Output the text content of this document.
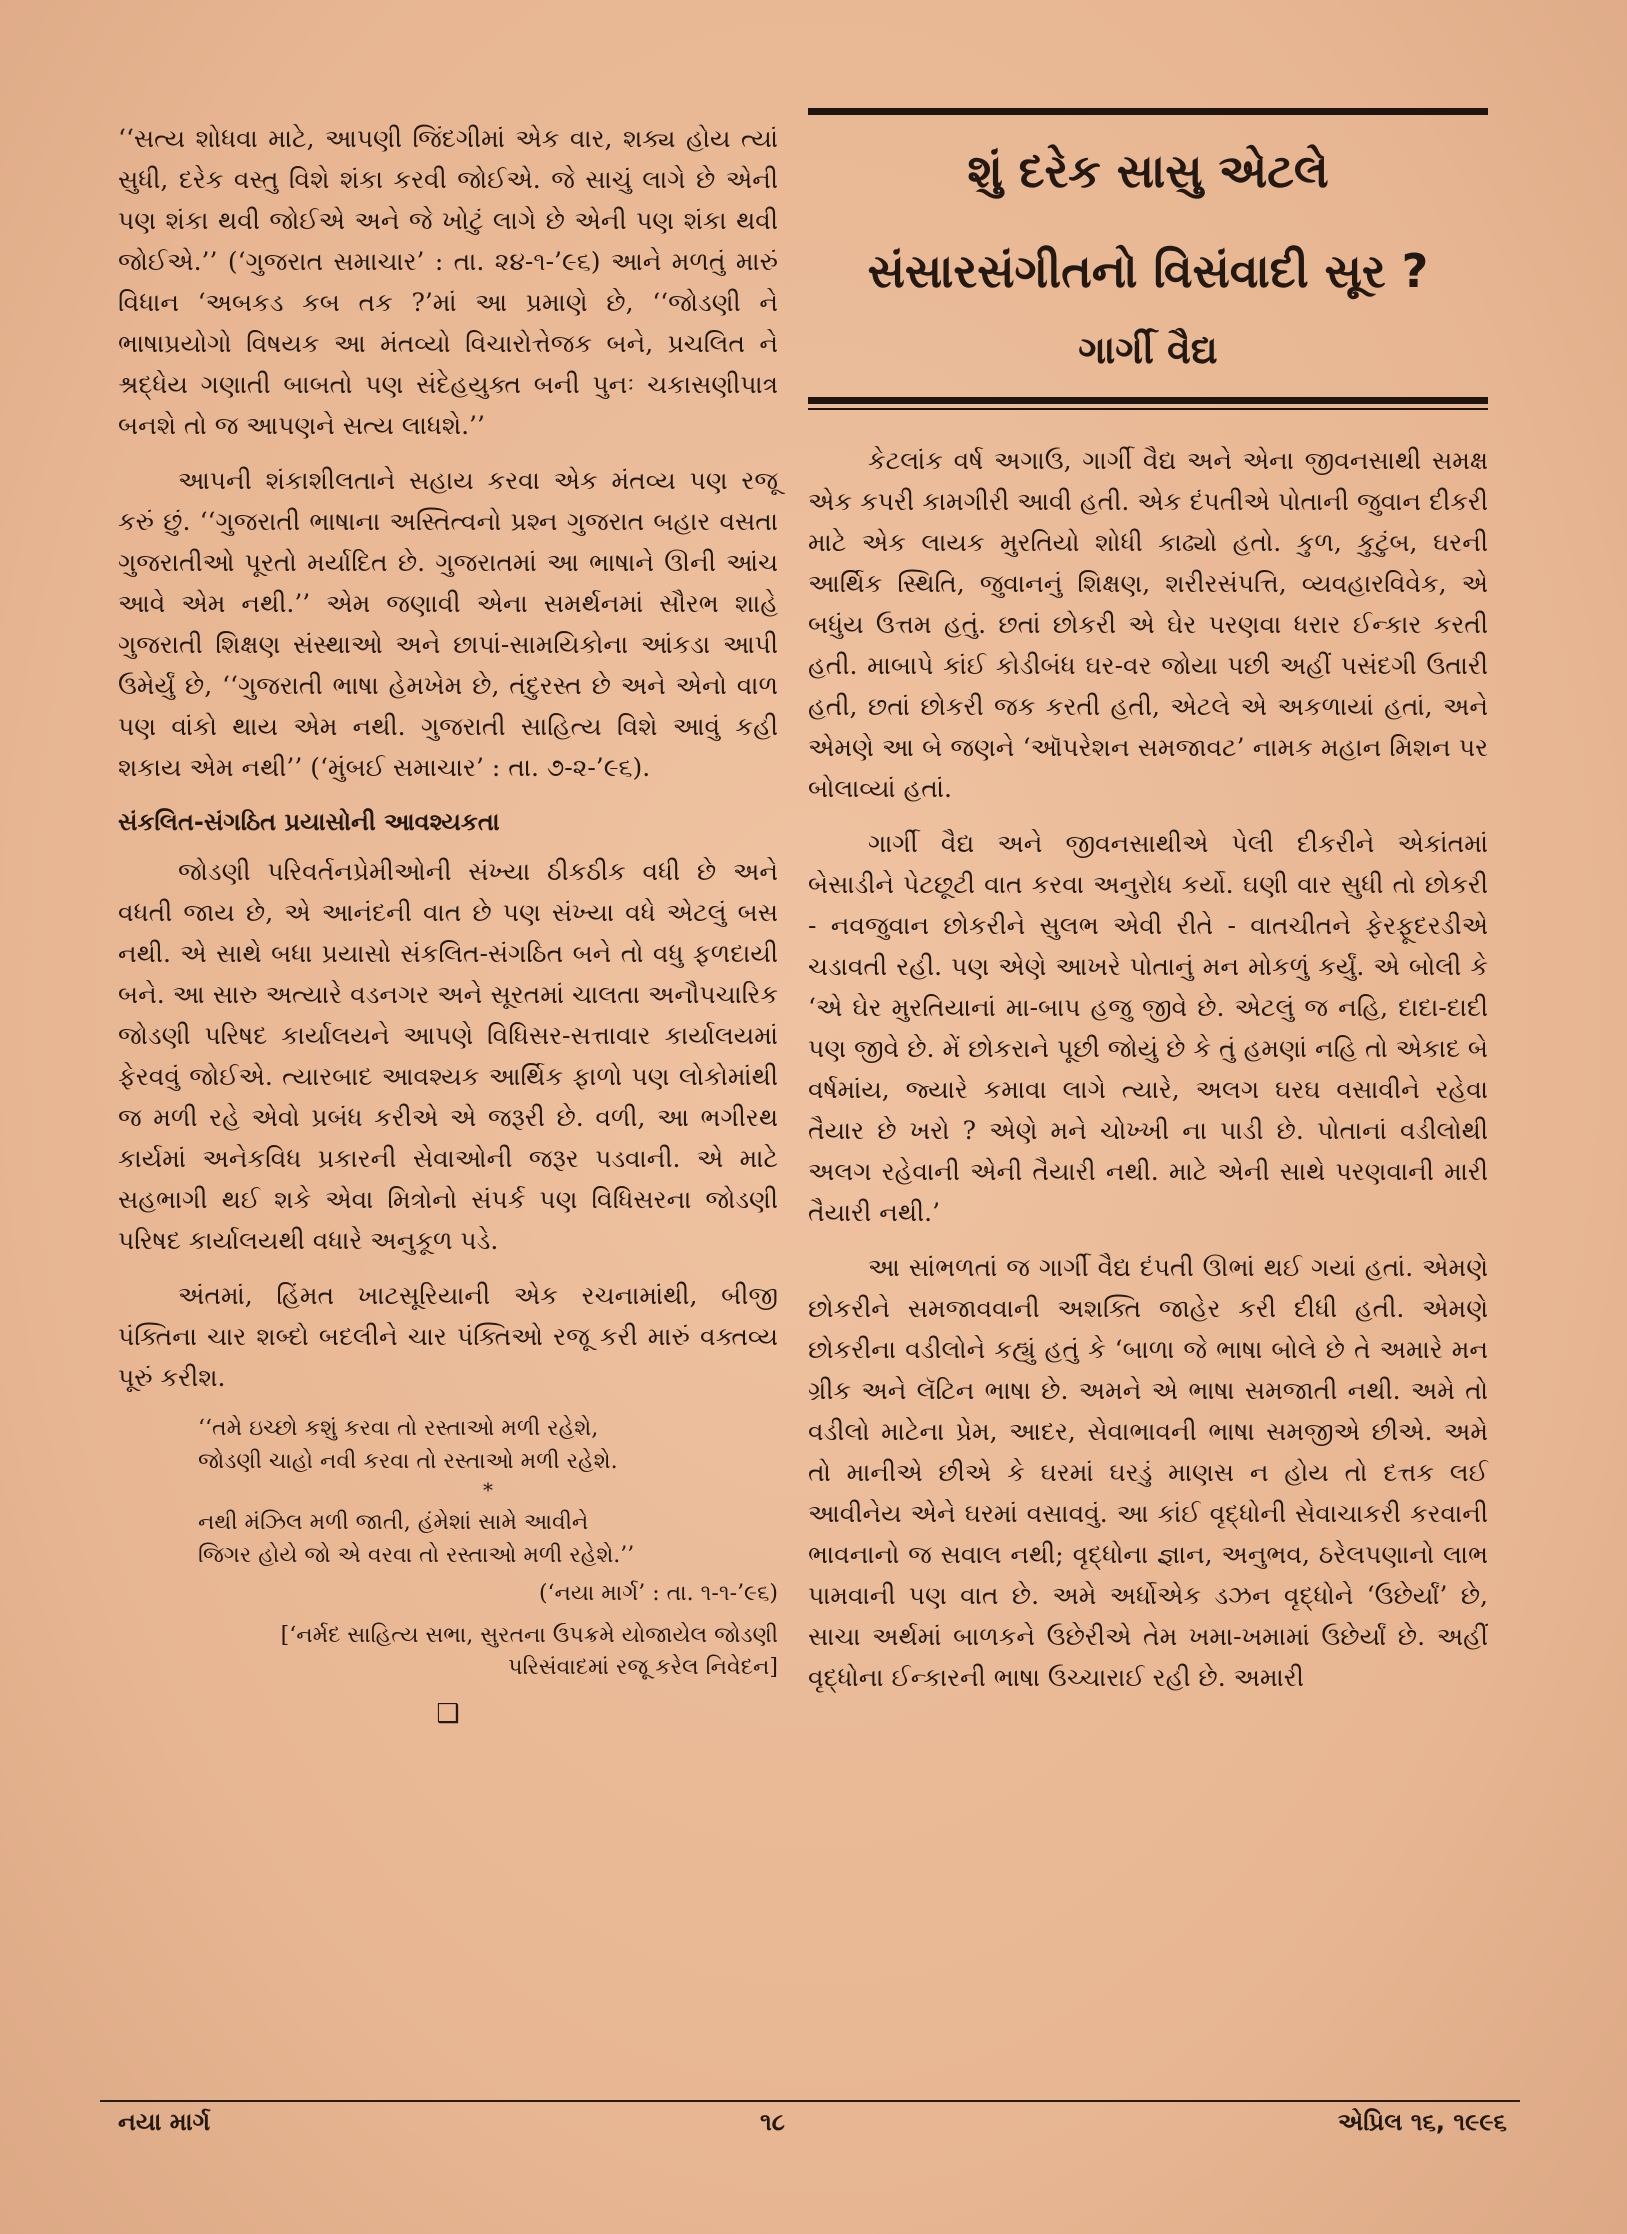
‘‘સત્ય શોધવા માટે, આપણી જિંદગીમાં એક વાર, શક્ય હોય ત્યાં સુધી, દરેક વસ્તુ વિશે શંકા કરવી જોઈએ. જે સાચું લાગે છે એની પણ શંકા થવી જોઈએ અને જે ખોટું લાગે છે એની પણ શંકા થવી જોઈએ.’’ (‘ગુજરાત સમાચાર’ : તા. ૨૪-૧-’૯૬) આને મળતું મારું વિધાન ‘અબકડ કબ તક ?’માં આ પ્રમાણે છે, ‘‘જોડણી ને ભાષાપ્રયોગો વિષયક આ મંતવ્યો વિચારોત્તેજક બને, પ્રચલિત ને શ્રદ્ધેય ગણાતી બાબતો પણ સંદેહયુક્ત બની પુનઃ ચકાસણીપાત્ર બનશે તો જ આપણને સત્ય લાધશે.’’

આપની શંકાશીલતાને સહાય કરવા એક મંતવ્ય પણ રજૂ કરું છું. ‘‘ગુજરાતી ભાષાના અસ્તિત્વનો પ્રશ્ન ગુજરાત બહાર વસતા ગુજરાતીઓ પૂરતો મર્યાદિત છે. ગુજરાતમાં આ ભાષાને ઊની આંચ આવે એમ નથી.’’ એમ જણાવી એના સમર્થનમાં સૌરભ શાહે ગુજરાતી શિક્ષણ સંસ્થાઓ અને છાપાં-સામયિકોના આંકડા આપી ઉમેર્યું છે, ‘‘ગુજરાતી ભાષા હેમખેમ છે, તંદુરસ્ત છે અને એનો વાળ પણ વાંકો થાય એમ નથી. ગુજરાતી સાહિત્ય વિશે આવું કહી શકાય એમ નથી’’ (‘મુંબઈ સમાચાર’ : તા. ૭-૨-’૯૬).

સંકલિત-સંગઠિત પ્રયાસોની આવશ્યકતા

જોડણી પરિવર્તનપ્રેમીઓની સંખ્યા ઠીકઠીક વધી છે અને વધતી જાય છે, એ આનંદની વાત છે પણ સંખ્યા વધે એટલું બસ નથી. એ સાથે બધા પ્રયાસો સંકલિત-સંગઠિત બને તો વધુ ફળદાયી બને. આ સારુ અત્યારે વડનગર અને સૂરતમાં ચાલતા અનૌપચારિક જોડણી પરિષદ કાર્યાલયને આપણે વિધિસર-સત્તાવાર કાર્યાલયમાં ફેરવવું જોઈએ. ત્યારબાદ આવશ્યક આર્થિક ફાળો પણ લોકોમાંથી જ મળી રહે એવો પ્રબંધ કરીએ એ જરૂરી છે. વળી, આ ભગીરથ કાર્યમાં અનેકવિધ પ્રકારની સેવાઓની જરૂર પડવાની. એ માટે સહભાગી થઈ શકે એવા મિત્રોનો સંપર્ક પણ વિધિસરના જોડણી પરિષદ કાર્યાલયથી વધારે અનુકૂળ પડે.

અંતમાં, હિંમત ખાટસૂરિયાની એક રચનામાંથી, બીજી પંક્તિના ચાર શબ્દો બદલીને ચાર પંક્તિઓ રજૂ કરી મારું વક્તવ્ય પૂરું કરીશ.

‘‘તમે ઇચ્છો કશું કરવા તો રસ્તાઓ મળી રહેશે,
જોડણી ચાહો નવી કરવા તો રસ્તાઓ મળી રહેશે.
*
નથી મંઝિલ મળી જાતી, હંમેશાં સામે આવીને
જિગર હોયે જો એ વરવા તો રસ્તાઓ મળી રહેશે.’’
(‘નયા માર્ગ’ : તા. ૧-૧-’૯૬)
[‘નર્મદ સાહિત્ય સભા, સુરતના ઉપક્રમે યોજાયેલ જોડણી
પરિસંવાદમાં રજૂ કરેલ નિવેદન]
❑
શું દરેક સાસુ એટલે
સંસારસંગીતનો વિસંવાદી સૂર ?
ગાર્ગી વૈદ્ય

કેટલાંક વર્ષ અગાઉ, ગાર્ગી વૈદ્ય અને એના જીવનસાથી સમક્ષ એક કપરી કામગીરી આવી હતી. એક દંપતીએ પોતાની જુવાન દીકરી માટે એક લાયક મુરતિયો શોધી કાઢ્યો હતો. કુળ, કુટુંબ, ઘરની આર્થિક સ્થિતિ, જુવાનનું શિક્ષણ, શરીરસંપત્તિ, વ્યવહારવિવેક, એ બધુંય ઉત્તમ હતું. છતાં છોકરી એ ઘેર પરણવા ધરાર ઈન્કાર કરતી હતી. માબાપે કાંઈ કોડીબંધ ઘર-વર જોયા પછી અહીં પસંદગી ઉતારી હતી, છતાં છોકરી જક કરતી હતી, એટલે એ અકળાયાં હતાં, અને એમણે આ બે જણને ‘ઑપરેશન સમજાવટ’ નામક મહાન મિશન પર બોલાવ્યાં હતાં.

ગાર્ગી વૈદ્ય અને જીવનસાથીએ પેલી દીકરીને એકાંતમાં બેસાડીને પેટછૂટી વાત કરવા અનુરોધ કર્યો. ઘણી વાર સુધી તો છોકરી - નવજુવાન છોકરીને સુલભ એવી રીતે - વાતચીતને ફેરફૂદરડીએ ચડાવતી રહી. પણ એણે આખરે પોતાનું મન મોકળું કર્યું. એ બોલી કે ‘એ ઘેર મુરતિયાનાં મા-બાપ હજુ જીવે છે. એટલું જ નહિ, દાદા-દાદી પણ જીવે છે. મેં છોકરાને પૂછી જોયું છે કે તું હમણાં નહિ તો એકાદ બે વર્ષમાંય, જ્યારે કમાવા લાગે ત્યારે, અલગ ઘરઘ વસાવીને રહેવા તૈયાર છે ખરો ? એણે મને ચોખ્ખી ના પાડી છે. પોતાનાં વડીલોથી અલગ રહેવાની એની તૈયારી નથી. માટે એની સાથે પરણવાની મારી તૈયારી નથી.’

આ સાંભળતાં જ ગાર્ગી વૈદ્ય દંપતી ઊભાં થઈ ગયાં હતાં. એમણે છોકરીને સમજાવવાની અશક્તિ જાહેર કરી દીધી હતી. એમણે છોકરીના વડીલોને કહ્યું હતું કે ‘બાળા જે ભાષા બોલે છે તે અમારે મન ગ્રીક અને લૅટિન ભાષા છે. અમને એ ભાષા સમજાતી નથી. અમે તો વડીલો માટેના પ્રેમ, આદર, સેવાભાવની ભાષા સમજીએ છીએ. અમે તો માનીએ છીએ કે ઘરમાં ઘરડું માણસ ન હોય તો દત્તક લઈ આવીનેય એને ઘરમાં વસાવવું. આ કાંઈ વૃદ્ધોની સેવાચાકરી કરવાની ભાવનાનો જ સવાલ નથી; વૃદ્ધોના જ્ઞાન, અનુભવ, ઠરેલપણાનો લાભ પામવાની પણ વાત છે. અમે અર્ધોએક ડઝન વૃદ્ધોને ‘ઉછેર્યાં’ છે, સાચા અર્થમાં બાળકને ઉછેરીએ તેમ ખમા-ખમામાં ઉછેર્યાં છે. અહીં વૃદ્ધોના ઈન્કારની ભાષા ઉચ્ચારાઈ રહી છે. અમારી

નયા માર્ગ	૧૮	એપ્રિલ ૧૬, ૧૯૯૬
